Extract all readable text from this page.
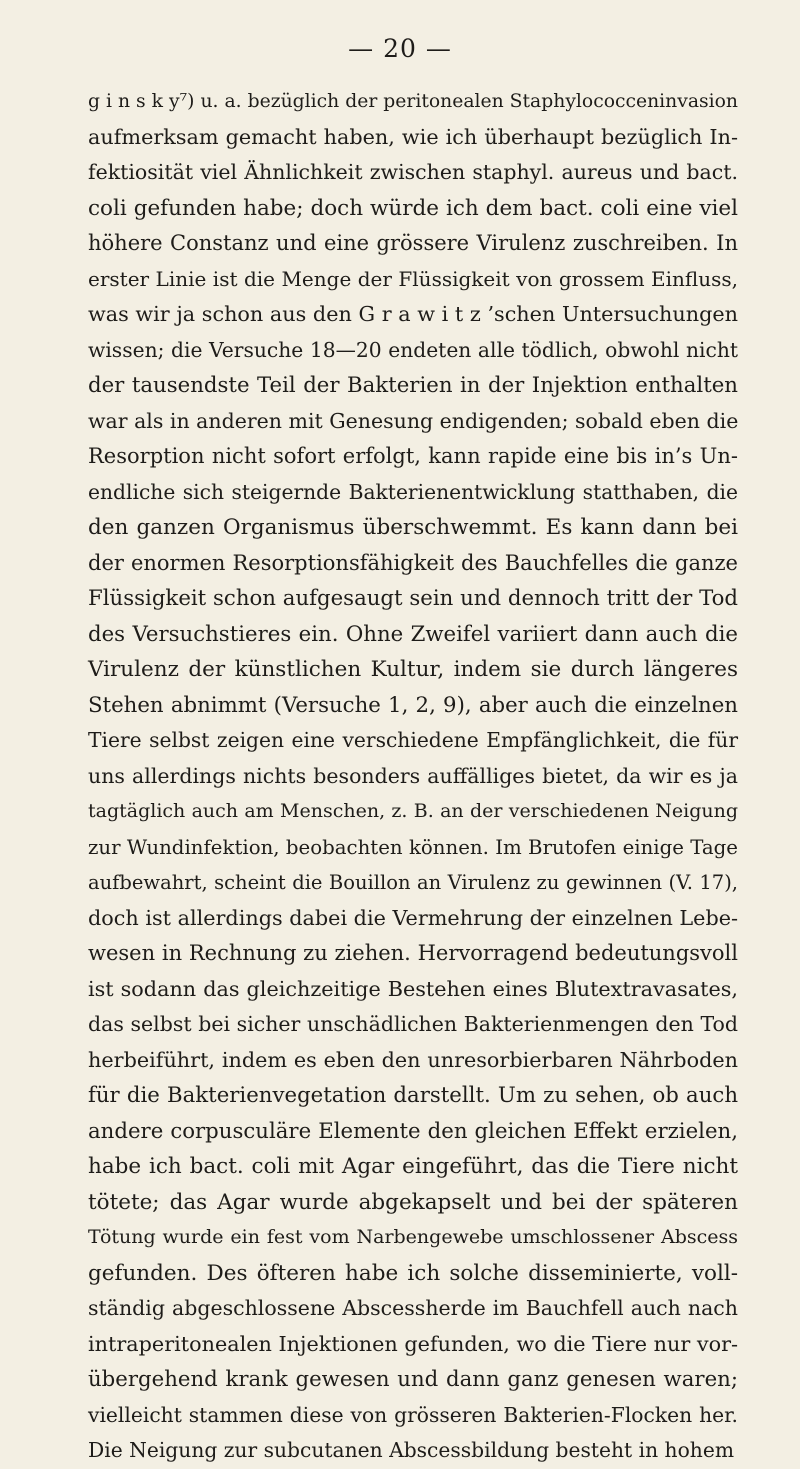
— 20 —
g i n s k y⁷) u. a. bezüglich der peritonealen Staphylococceninvasion
aufmerksam gemacht haben, wie ich überhaupt bezüglich In-
fektiosität viel Ähnlichkeit zwischen staphyl. aureus und bact.
coli gefunden habe; doch würde ich dem bact. coli eine viel
höhere Constanz und eine grössere Virulenz zuschreiben. In
erster Linie ist die Menge der Flüssigkeit von grossem Einfluss,
was wir ja schon aus den G r a w i t z ’schen Untersuchungen
wissen; die Versuche 18—20 endeten alle tödlich, obwohl nicht
der tausendste Teil der Bakterien in der Injektion enthalten
war als in anderen mit Genesung endigenden; sobald eben die
Resorption nicht sofort erfolgt, kann rapide eine bis in’s Un-
endliche sich steigernde Bakterienentwicklung statthaben, die
den ganzen Organismus überschwemmt. Es kann dann bei
der enormen Resorptionsfähigkeit des Bauchfelles die ganze
Flüssigkeit schon aufgesaugt sein und dennoch tritt der Tod
des Versuchstieres ein. Ohne Zweifel variiert dann auch die
Virulenz der künstlichen Kultur, indem sie durch längeres
Stehen abnimmt (Versuche 1, 2, 9), aber auch die einzelnen
Tiere selbst zeigen eine verschiedene Empfänglichkeit, die für
uns allerdings nichts besonders auffälliges bietet, da wir es ja
tagtäglich auch am Menschen, z. B. an der verschiedenen Neigung
zur Wundinfektion, beobachten können. Im Brutofen einige Tage
aufbewahrt, scheint die Bouillon an Virulenz zu gewinnen (V. 17),
doch ist allerdings dabei die Vermehrung der einzelnen Lebe-
wesen in Rechnung zu ziehen. Hervorragend bedeutungsvoll
ist sodann das gleichzeitige Bestehen eines Blutextravasates,
das selbst bei sicher unschädlichen Bakterienmengen den Tod
herbeiführt, indem es eben den unresorbierbaren Nährboden
für die Bakterienvegetation darstellt. Um zu sehen, ob auch
andere corpusculäre Elemente den gleichen Effekt erzielen,
habe ich bact. coli mit Agar eingeführt, das die Tiere nicht
tötete; das Agar wurde abgekapselt und bei der späteren
Tötung wurde ein fest vom Narbengewebe umschlossener Abscess
gefunden. Des öfteren habe ich solche disseminierte, voll-
ständig abgeschlossene Abscessherde im Bauchfell auch nach
intraperitonealen Injektionen gefunden, wo die Tiere nur vor-
übergehend krank gewesen und dann ganz genesen waren;
vielleicht stammen diese von grösseren Bakterien-Flocken her.
Die Neigung zur subcutanen Abscessbildung besteht in hohem
